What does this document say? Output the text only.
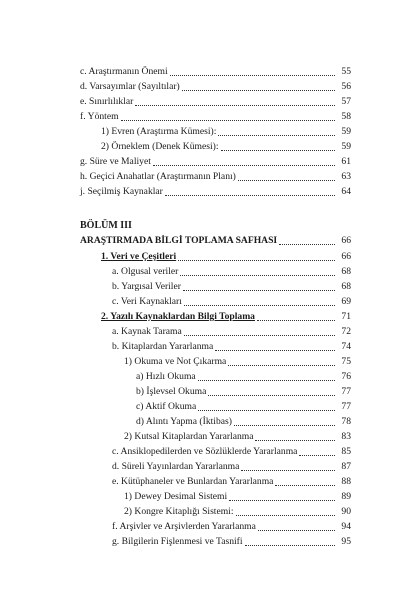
c. Araştırmanın Önemi	55
d. Varsayımlar (Sayıltılar)	56
e. Sınırlılıklar	57
f. Yöntem	58
1) Evren (Araştırma Kümesi):	59
2) Örneklem (Denek Kümesi):	59
g. Süre ve Maliyet	61
h. Geçici Anahatlar (Araştırmanın Planı)	63
j. Seçilmiş Kaynaklar	64
BÖLÜM III
ARAŞTIRMADA BİLGİ TOPLAMA SAFHASI	66
1. Veri ve Çeşitleri	66
a. Olgusal veriler	68
b. Yargısal Veriler	68
c. Veri Kaynakları	69
2. Yazılı Kaynaklardan Bilgi Toplama	71
a. Kaynak Tarama	72
b. Kitaplardan Yararlanma	74
1) Okuma ve Not Çıkarma	75
a) Hızlı Okuma	76
b) İşlevsel Okuma	77
c) Aktif Okuma	77
d) Alıntı Yapma (İktibas)	78
2) Kutsal Kitaplardan Yararlanma	83
c. Ansiklopedilerden ve Sözlüklerde Yararlanma	85
d. Süreli Yayınlardan Yararlanma	87
e. Kütüphaneler ve Bunlardan Yararlanma	88
1) Dewey Desimal Sistemi	89
2) Kongre Kitaplığı Sistemi:	90
f. Arşivler ve Arşivlerden Yararlanma	94
g. Bilgilerin Fişlenmesi ve Tasnifi	95
